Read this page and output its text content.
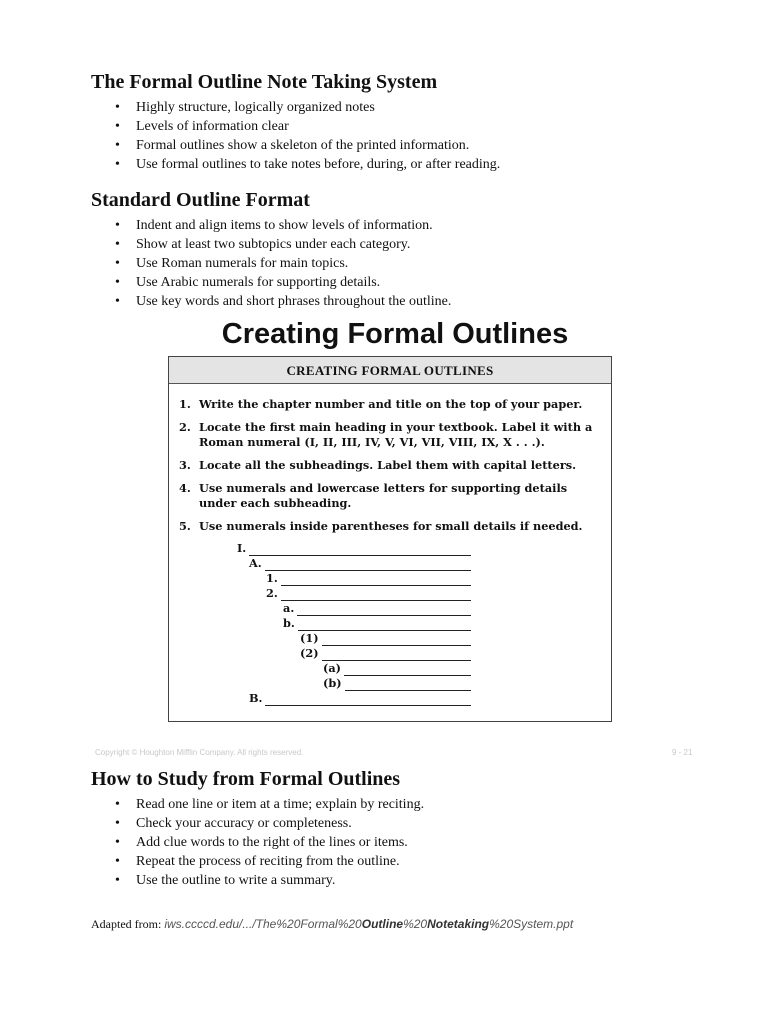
The Formal Outline Note Taking System
• Highly structure, logically organized notes
• Levels of information clear
• Formal outlines show a skeleton of the printed information.
• Use formal outlines to take notes before, during, or after reading.
Standard Outline Format
• Indent and align items to show levels of information.
• Show at least two subtopics under each category.
• Use Roman numerals for main topics.
• Use Arabic numerals for supporting details.
• Use key words and short phrases throughout the outline.
Creating Formal Outlines
CREATING FORMAL OUTLINES
1. Write the chapter number and title on the top of your paper.
2. Locate the first main heading in your textbook. Label it with a Roman numeral (I, II, III, IV, V, VI, VII, VIII, IX, X . . .).
3. Locate all the subheadings. Label them with capital letters.
4. Use numerals and lowercase letters for supporting details under each subheading.
5. Use numerals inside parentheses for small details if needed.
I.
A.
1.
2.
a.
b.
(1)
(2)
(a)
(b)
B.
Copyright © Houghton Mifflin Company. All rights reserved.	9 - 21
How to Study from Formal Outlines
• Read one line or item at a time; explain by reciting.
• Check your accuracy or completeness.
• Add clue words to the right of the lines or items.
• Repeat the process of reciting from the outline.
• Use the outline to write a summary.
Adapted from: iws.ccccd.edu/.../The%20Formal%20Outline%20Notetaking%20System.ppt
